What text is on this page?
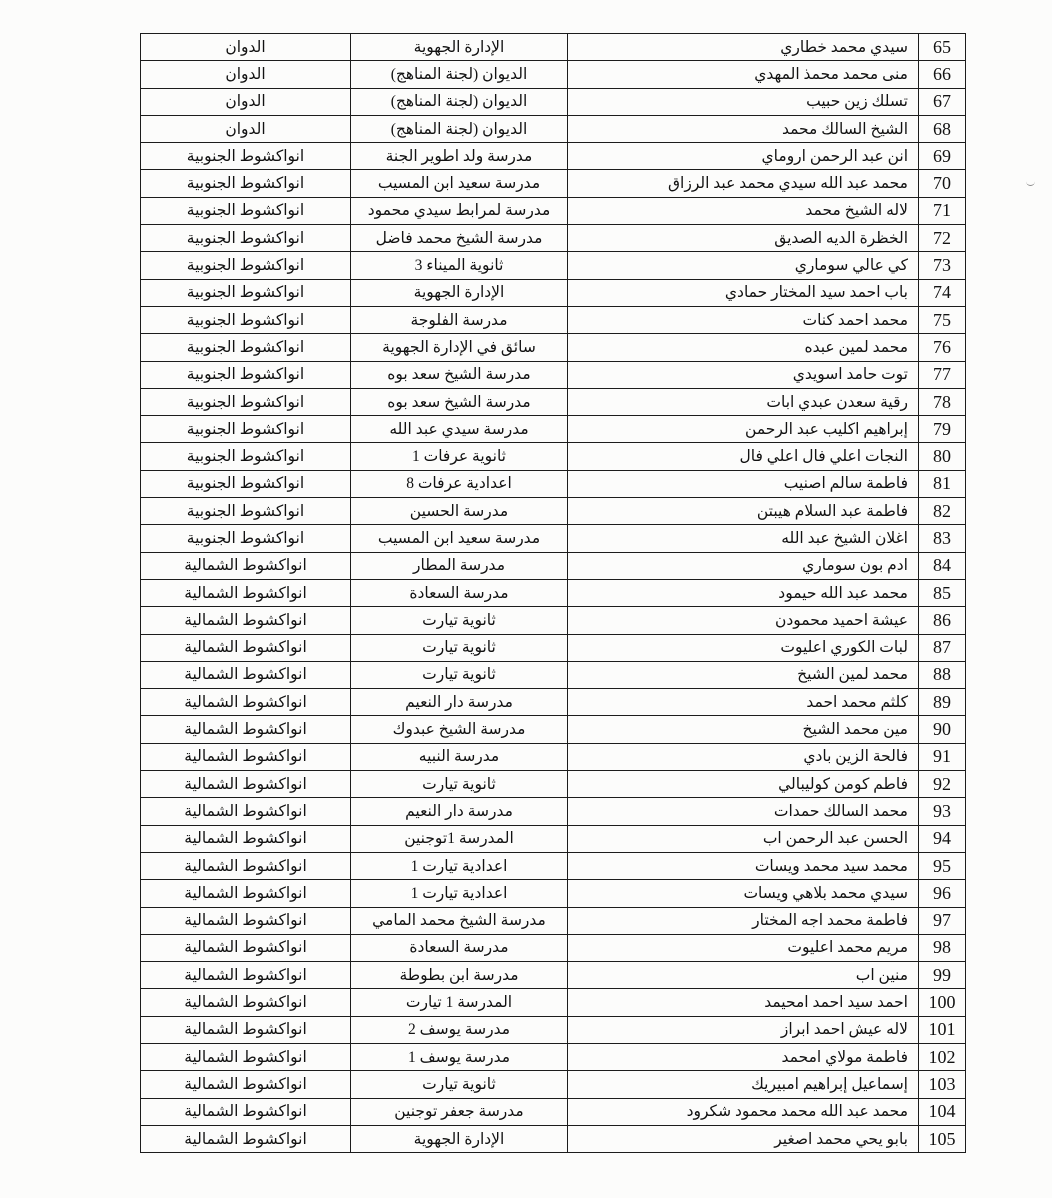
65	سيدي محمد خطاري	الإدارة الجهوية	الدوان
66	منى محمد محمذ المهدي	الديوان (لجنة المناهج)	الدوان
67	تسلك زين حبيب	الديوان (لجنة المناهج)	الدوان
68	الشيخ السالك محمد	الديوان (لجنة المناهج)	الدوان
69	انن عبد الرحمن اروماي	مدرسة ولد اطوير الجنة	انواكشوط الجنوبية
70	محمد عبد الله سيدي محمد عبد الرزاق	مدرسة سعيد ابن المسيب	انواكشوط الجنوبية
71	لاله الشيخ محمد	مدرسة لمرابط سيدي محمود	انواكشوط الجنوبية
72	الخظرة الديه الصديق	مدرسة الشيخ محمد فاضل	انواكشوط الجنوبية
73	كي عالي سوماري	ثانوية الميناء 3	انواكشوط الجنوبية
74	باب احمد سيد المختار حمادي	الإدارة الجهوية	انواكشوط الجنوبية
75	محمد احمد كنات	مدرسة الفلوجة	انواكشوط الجنوبية
76	محمد لمين عبده	سائق في الإدارة الجهوية	انواكشوط الجنوبية
77	توت حامد اسويدي	مدرسة الشيخ سعد بوه	انواكشوط الجنوبية
78	رقية سعدن عبدي ابات	مدرسة الشيخ سعد بوه	انواكشوط الجنوبية
79	إبراهيم اكليب عبد الرحمن	مدرسة سيدي عبد الله	انواكشوط الجنوبية
80	النجات اعلي فال اعلي فال	ثانوية عرفات 1	انواكشوط الجنوبية
81	فاطمة سالم اصنيب	اعدادية عرفات 8	انواكشوط الجنوبية
82	فاطمة عبد السلام هيبتن	مدرسة الحسين	انواكشوط الجنوبية
83	اغلان الشيخ عبد الله	مدرسة سعيد ابن المسيب	انواكشوط الجنوبية
84	ادم بون سوماري	مدرسة المطار	انواكشوط الشمالية
85	محمد عبد الله حيمود	مدرسة السعادة	انواكشوط الشمالية
86	عيشة احميد محمودن	ثانوية تيارت	انواكشوط الشمالية
87	لبات الكوري اعليوت	ثانوية تيارت	انواكشوط الشمالية
88	محمد لمين الشيخ	ثانوية تيارت	انواكشوط الشمالية
89	كلثم محمد احمد	مدرسة دار النعيم	انواكشوط الشمالية
90	مين محمد الشيخ	مدرسة الشيخ عبدوك	انواكشوط الشمالية
91	فالحة الزين بادي	مدرسة النبيه	انواكشوط الشمالية
92	فاطم كومن كوليبالي	ثانوية تيارت	انواكشوط الشمالية
93	محمد السالك حمدات	مدرسة دار النعيم	انواكشوط الشمالية
94	الحسن عبد الرحمن اب	المدرسة 1توجنين	انواكشوط الشمالية
95	محمد سيد محمد ويسات	اعدادية تيارت 1	انواكشوط الشمالية
96	سيدي محمد بلاهي ويسات	اعدادية تيارت 1	انواكشوط الشمالية
97	فاطمة محمد اجه المختار	مدرسة الشيخ محمد المامي	انواكشوط الشمالية
98	مريم محمد اعليوت	مدرسة السعادة	انواكشوط الشمالية
99	منين اب	مدرسة ابن بطوطة	انواكشوط الشمالية
100	احمد سيد احمد امحيمد	المدرسة 1 تيارت	انواكشوط الشمالية
101	لاله عيش احمد ابراز	مدرسة يوسف 2	انواكشوط الشمالية
102	فاطمة مولاي امحمد	مدرسة يوسف 1	انواكشوط الشمالية
103	إسماعيل إبراهيم امبيريك	ثانوية تيارت	انواكشوط الشمالية
104	محمد عبد الله محمد محمود شكرود	مدرسة جعفر توجنين	انواكشوط الشمالية
105	بابو يحي محمد اصغير	الإدارة الجهوية	انواكشوط الشمالية
